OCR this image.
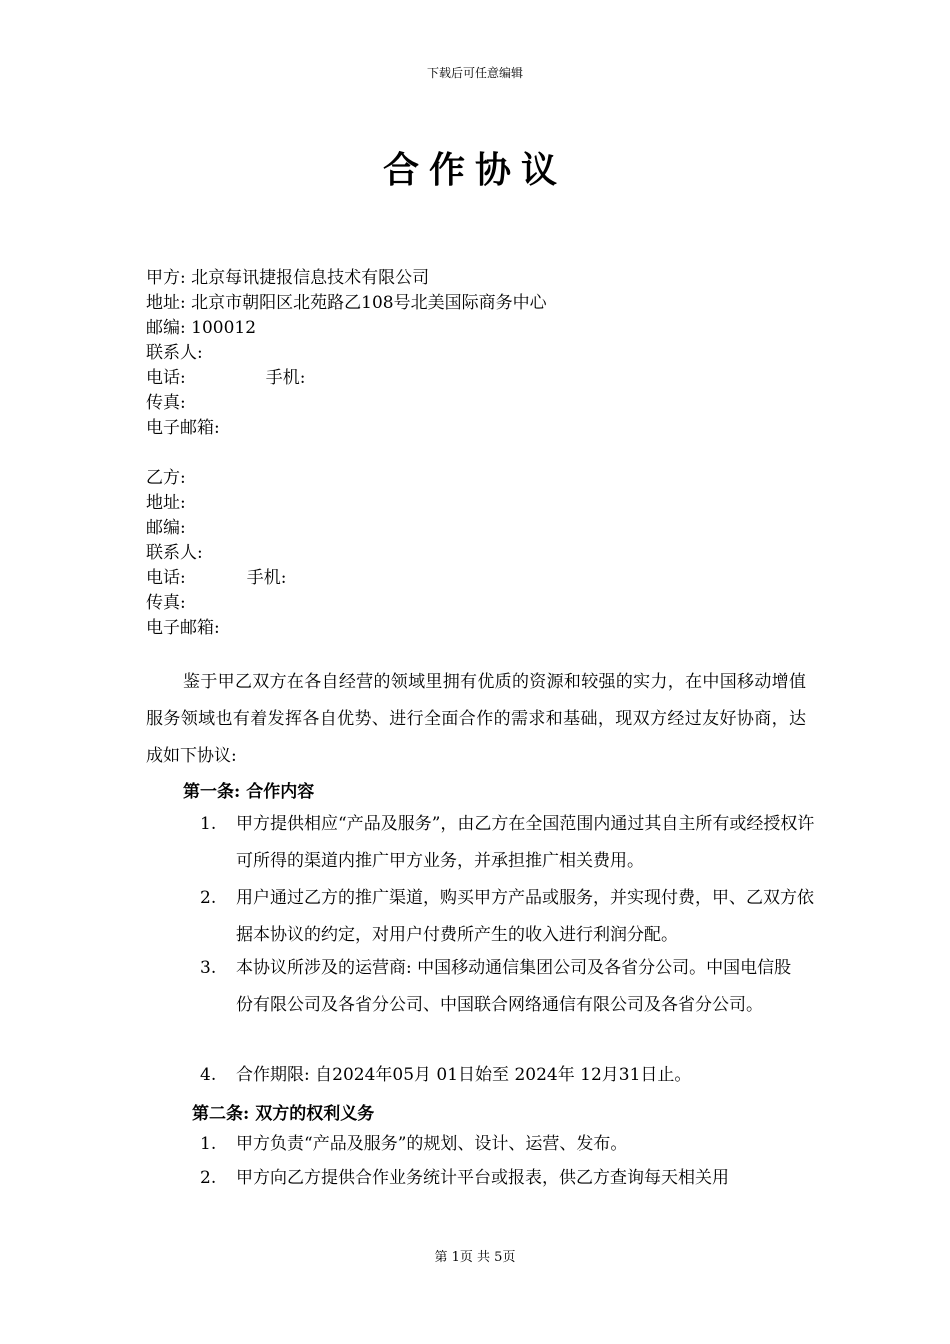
下载后可任意编辑
合作协议
甲方: 北京每讯捷报信息技术有限公司
地址: 北京市朝阳区北苑路乙108号北美国际商务中心
邮编: 100012
联系人:
电话:	手机:
传真:
电子邮箱:
乙方:
地址:
邮编:
联系人:
电话:	手机:
传真:
电子邮箱:
鉴于甲乙双方在各自经营的领域里拥有优质的资源和较强的实力，在中国移动增值服务领域也有着发挥各自优势、进行全面合作的需求和基础，现双方经过友好协商，达成如下协议:
第一条: 合作内容
1.	甲方提供相应“产品及服务”，由乙方在全国范围内通过其自主所有或经授权许可所得的渠道内推广甲方业务，并承担推广相关费用。
2.	用户通过乙方的推广渠道，购买甲方产品或服务，并实现付费，甲、乙双方依据本协议的约定，对用户付费所产生的收入进行利润分配。
3.	本协议所涉及的运营商: 中国移动通信集团公司及各省分公司。中国电信股份有限公司及各省分公司、中国联合网络通信有限公司及各省分公司。
4.	合作期限: 自2024年05月 01日始至 2024年 12月31日止。
第二条: 双方的权利义务
1.	甲方负责“产品及服务”的规划、设计、运营、发布。
2.	甲方向乙方提供合作业务统计平台或报表，供乙方查询每天相关用
第 1页 共 5页
